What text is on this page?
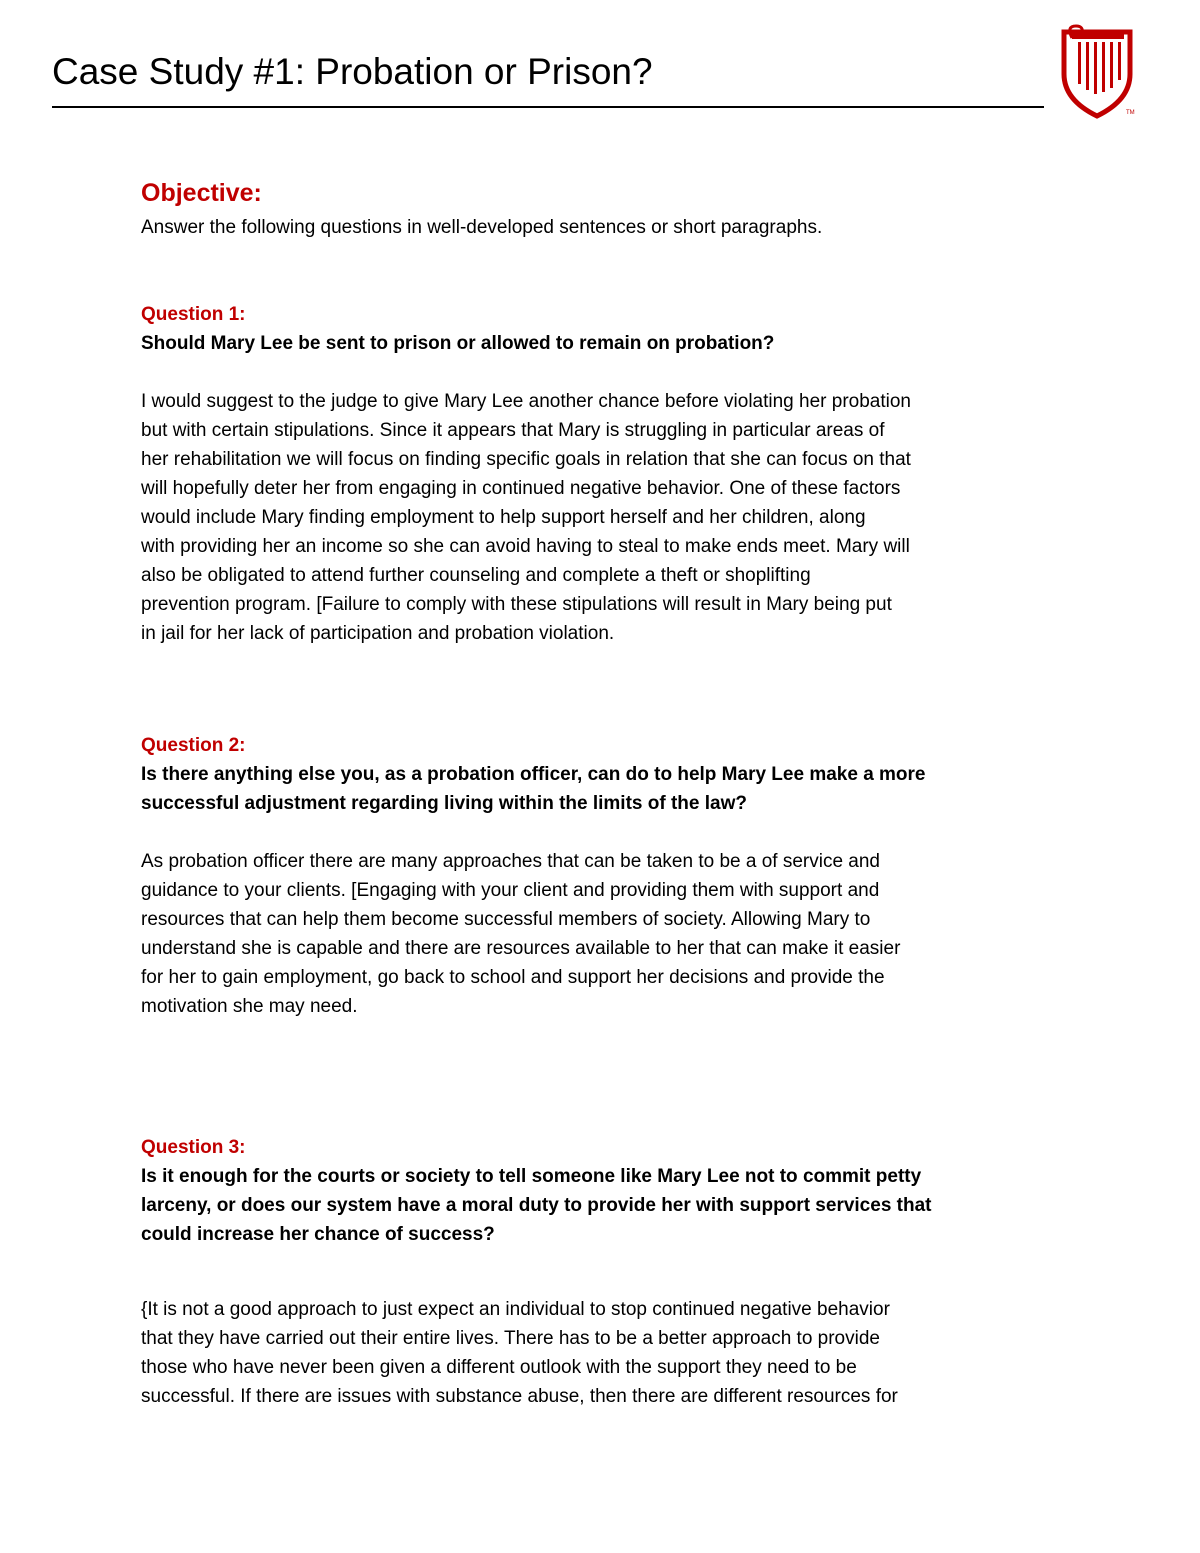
Case Study #1: Probation or Prison?
TM
Objective:

Answer the following questions in well-developed sentences or short paragraphs.

Question 1:

Should Mary Lee be sent to prison or allowed to remain on probation?

I would suggest to the judge to give Mary Lee another chance before violating her probation
but with certain stipulations. Since it appears that Mary is struggling in particular areas of
her rehabilitation we will focus on finding specific goals in relation that she can focus on that
will hopefully deter her from engaging in continued negative behavior. One of these factors
would include Mary finding employment to help support herself and her children, along
with providing her an income so she can avoid having to steal to make ends meet. Mary will
also be obligated to attend further counseling and complete a theft or shoplifting
prevention program. [Failure to comply with these stipulations will result in Mary being put
in jail for her lack of participation and probation violation.

Question 2:

Is there anything else you, as a probation officer, can do to help Mary Lee make a more
successful adjustment regarding living within the limits of the law?

As probation officer there are many approaches that can be taken to be a of service and
guidance to your clients. [Engaging with your client and providing them with support and
resources that can help them become successful members of society. Allowing Mary to
understand she is capable and there are resources available to her that can make it easier
for her to gain employment, go back to school and support her decisions and provide the
motivation she may need.

Question 3:

Is it enough for the courts or society to tell someone like Mary Lee not to commit petty
larceny, or does our system have a moral duty to provide her with support services that
could increase her chance of success?

{It is not a good approach to just expect an individual to stop continued negative behavior
that they have carried out their entire lives. There has to be a better approach to provide
those who have never been given a different outlook with the support they need to be
successful. If there are issues with substance abuse, then there are different resources for
